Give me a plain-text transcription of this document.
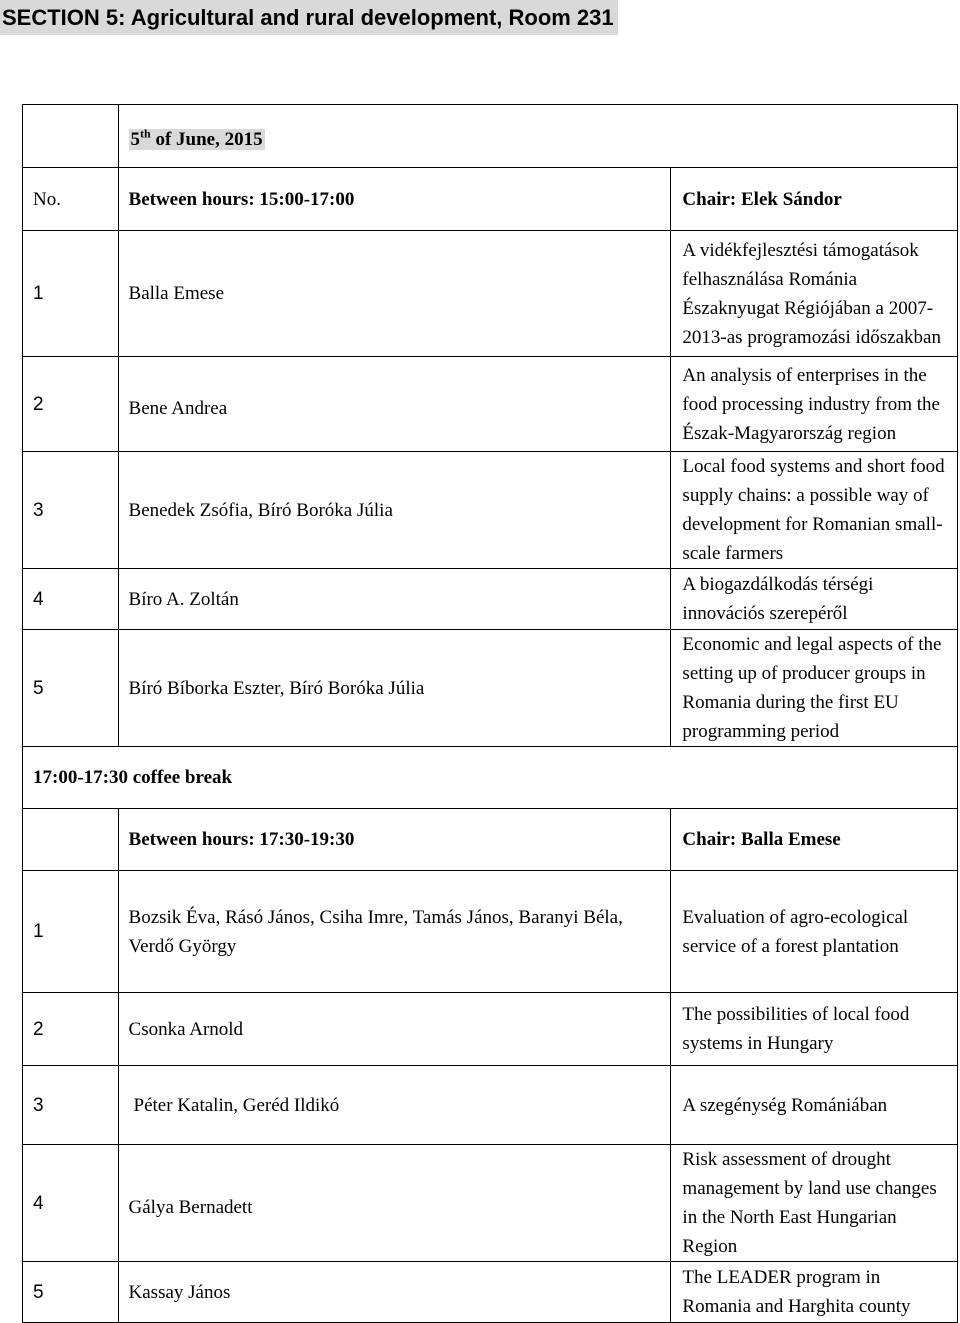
SECTION 5: Agricultural and rural development, Room 231
	5th of June, 2015	
No.	Between hours: 15:00-17:00	Chair: Elek Sándor
1	Balla Emese	A vidékfejlesztési támogatások felhasználása Románia Északnyugat Régiójában a 2007-2013-as programozási időszakban
2	Bene Andrea	An analysis of enterprises in the food processing industry from the Észak-Magyarország region
3	Benedek Zsófia, Bíró Boróka Júlia	Local food systems and short food supply chains: a possible way of development for Romanian small-scale farmers
4	Bíro A. Zoltán	A biogazdálkodás térségi innovációs szerepéről
5	Bíró Bíborka Eszter, Bíró Boróka Júlia	Economic and legal aspects of the setting up of producer groups in Romania during the first EU programming period
17:00-17:30 coffee break		
	Between hours: 17:30-19:30	Chair: Balla Emese
1	Bozsik Éva, Rásó János, Csiha Imre, Tamás János, Baranyi Béla, Verdő György	Evaluation of agro-ecological service of a forest plantation
2	Csonka Arnold	The possibilities of local food systems in Hungary
3	Péter Katalin, Geréd Ildikó	A szegénység Romániában
4	Gálya Bernadett	Risk assessment of drought management by land use changes in the North East Hungarian Region
5	Kassay János	The LEADER program in Romania and Harghita county
